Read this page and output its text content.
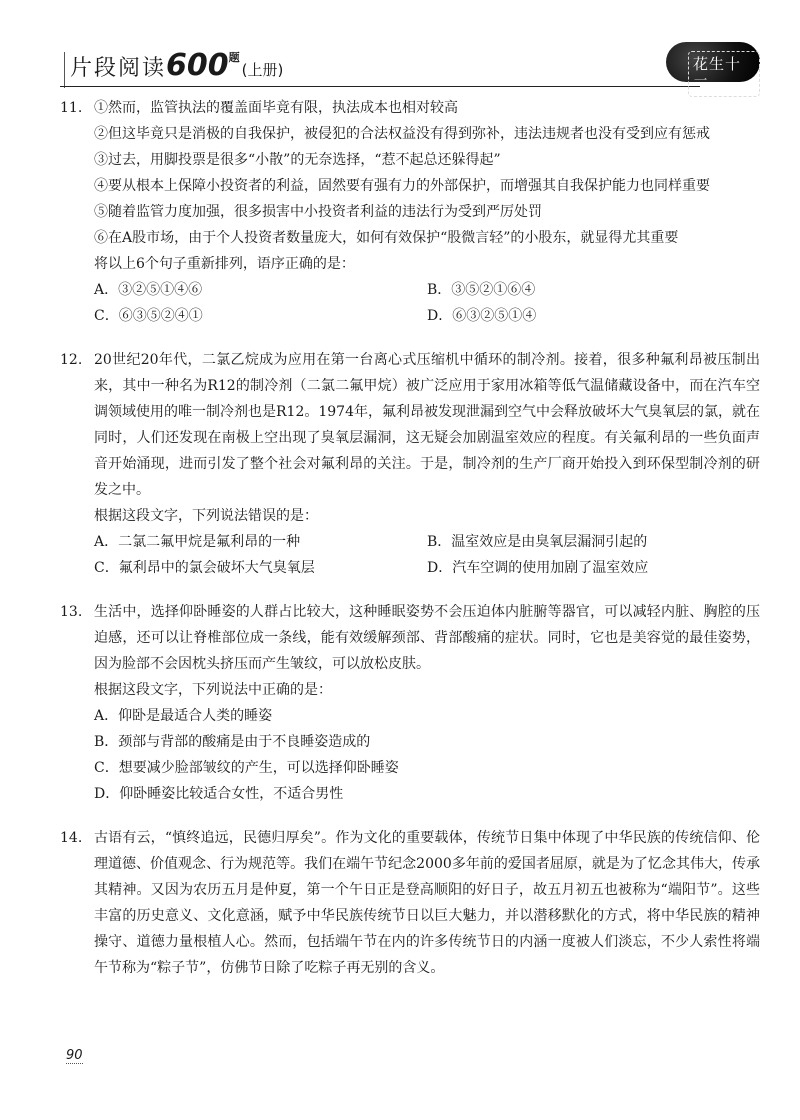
片段阅读$600^题$(上册)	花生十三
11. ①然而，监管执法的覆盖面毕竟有限，执法成本也相对较高
②但这毕竟只是消极的自我保护，被侵犯的合法权益没有得到弥补，违法违规者也没有受到应有惩戒
③过去，用脚投票是很多“小散”的无奈选择，“惹不起总还躲得起”
④要从根本上保障小投资者的利益，固然要有强有力的外部保护，而增强其自我保护能力也同样重要
⑤随着监管力度加强，很多损害中小投资者利益的违法行为受到严厉处罚
⑥在A股市场，由于个人投资者数量庞大，如何有效保护“股微言轻”的小股东，就显得尤其重要
将以上6个句子重新排列，语序正确的是：
A．③②⑤①④⑥	B．③⑤②①⑥④
C．⑥③⑤②④①	D．⑥③②⑤①④
12. 20世纪20年代，二氯乙烷成为应用在第一台离心式压缩机中循环的制冷剂。接着，很多种氟利昂被压制出来，其中一种名为R12的制冷剂（二氯二氟甲烷）被广泛应用于家用冰箱等低气温储藏设备中，而在汽车空调领域使用的唯一制冷剂也是R12。1974年，氟利昂被发现泄漏到空气中会释放破坏大气臭氧层的氯，就在同时，人们还发现在南极上空出现了臭氧层漏洞，这无疑会加剧温室效应的程度。有关氟利昂的一些负面声音开始涌现，进而引发了整个社会对氟利昂的关注。于是，制冷剂的生产厂商开始投入到环保型制冷剂的研发之中。
根据这段文字，下列说法错误的是：
A．二氯二氟甲烷是氟利昂的一种	B．温室效应是由臭氧层漏洞引起的
C．氟利昂中的氯会破坏大气臭氧层	D．汽车空调的使用加剧了温室效应
13. 生活中，选择仰卧睡姿的人群占比较大，这种睡眠姿势不会压迫体内脏腑等器官，可以减轻内脏、胸腔的压迫感，还可以让脊椎部位成一条线，能有效缓解颈部、背部酸痛的症状。同时，它也是美容觉的最佳姿势，因为脸部不会因枕头挤压而产生皱纹，可以放松皮肤。
根据这段文字，下列说法中正确的是：
A．仰卧是最适合人类的睡姿
B．颈部与背部的酸痛是由于不良睡姿造成的
C．想要减少脸部皱纹的产生，可以选择仰卧睡姿
D．仰卧睡姿比较适合女性，不适合男性
14. 古语有云，“慎终追远，民德归厚矣”。作为文化的重要载体，传统节日集中体现了中华民族的传统信仰、伦理道德、价值观念、行为规范等。我们在端午节纪念2000多年前的爱国者屈原，就是为了忆念其伟大，传承其精神。又因为农历五月是仲夏，第一个午日正是登高顺阳的好日子，故五月初五也被称为“端阳节”。这些丰富的历史意义、文化意涵，赋予中华民族传统节日以巨大魅力，并以潜移默化的方式，将中华民族的精神操守、道德力量根植人心。然而，包括端午节在内的许多传统节日的内涵一度被人们淡忘，不少人索性将端午节称为“粽子节”，仿佛节日除了吃粽子再无别的含义。
90
